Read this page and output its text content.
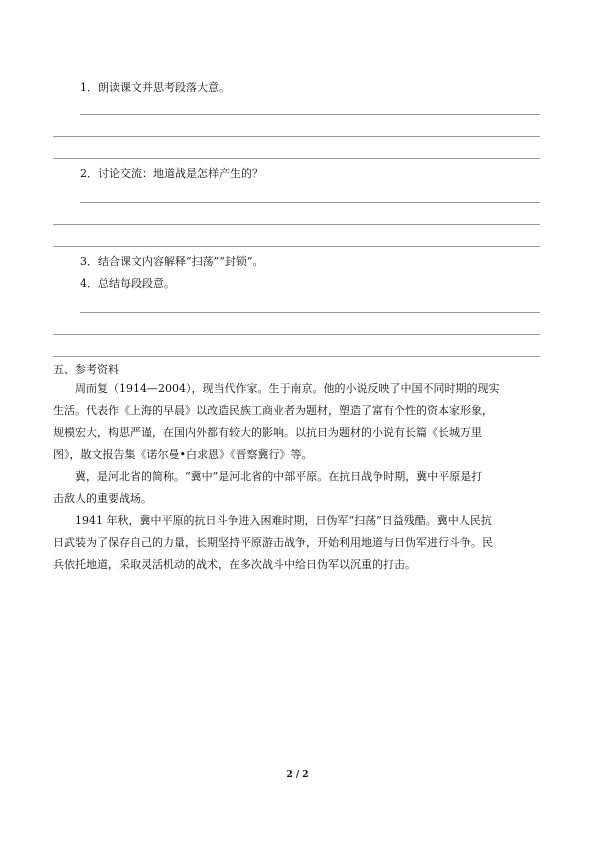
1．朗读课文并思考段落大意。
2．讨论交流：地道战是怎样产生的？
3．结合课文内容解释“扫荡”“封锁”。
4．总结每段段意。
五、参考资料
周而复（1914—2004），现当代作家。生于南京。他的小说反映了中国不同时期的现实
生活。代表作《上海的早晨》以改造民族工商业者为题材，塑造了富有个性的资本家形象，
规模宏大，构思严谨，在国内外都有较大的影响。以抗日为题材的小说有长篇《长城万里
图》，散文报告集《诺尔曼•白求恩》《晋察冀行》等。
冀，是河北省的简称。“冀中”是河北省的中部平原。在抗日战争时期，冀中平原是打
击敌人的重要战场。
1941 年秋，冀中平原的抗日斗争进入困难时期，日伪军“扫荡”日益残酷。冀中人民抗
日武装为了保存自己的力量，长期坚持平原游击战争，开始利用地道与日伪军进行斗争。民
兵依托地道，采取灵活机动的战术，在多次战斗中给日伪军以沉重的打击。
2 / 2
